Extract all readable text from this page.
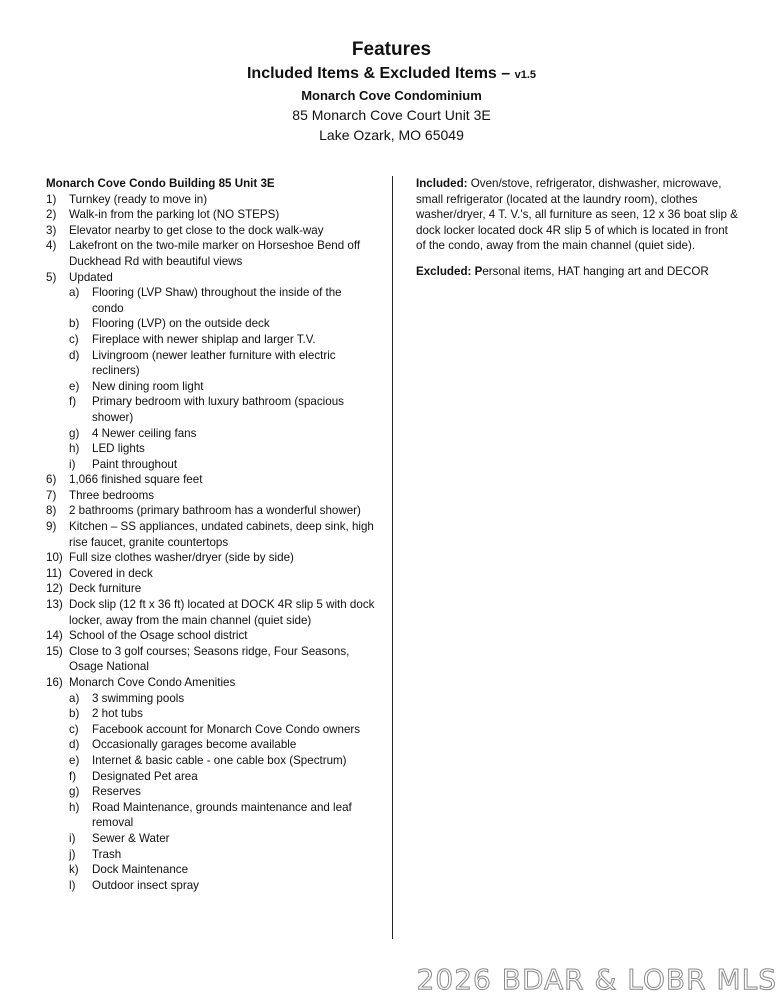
Features
Included Items & Excluded Items – v1.5
Monarch Cove Condominium
85 Monarch Cove Court Unit 3E
Lake Ozark, MO 65049
Monarch Cove Condo Building 85 Unit 3E
1) Turnkey (ready to move in)
2) Walk-in from the parking lot (NO STEPS)
3) Elevator nearby to get close to the dock walk-way
4) Lakefront on the two-mile marker on Horseshoe Bend off Duckhead Rd with beautiful views
5) Updated
a) Flooring (LVP Shaw) throughout the inside of the condo
b) Flooring (LVP) on the outside deck
c) Fireplace with newer shiplap and larger T.V.
d) Livingroom (newer leather furniture with electric recliners)
e) New dining room light
f) Primary bedroom with luxury bathroom (spacious shower)
g) 4 Newer ceiling fans
h) LED lights
i) Paint throughout
6) 1,066 finished square feet
7) Three bedrooms
8) 2 bathrooms (primary bathroom has a wonderful shower)
9) Kitchen – SS appliances, undated cabinets, deep sink, high rise faucet, granite countertops
10) Full size clothes washer/dryer (side by side)
11) Covered in deck
12) Deck furniture
13) Dock slip (12 ft x 36 ft) located at DOCK 4R slip 5 with dock locker, away from the main channel (quiet side)
14) School of the Osage school district
15) Close to 3 golf courses; Seasons ridge, Four Seasons, Osage National
16) Monarch Cove Condo Amenities
a) 3 swimming pools
b) 2 hot tubs
c) Facebook account for Monarch Cove Condo owners
d) Occasionally garages become available
e) Internet & basic cable - one cable box (Spectrum)
f) Designated Pet area
g) Reserves
h) Road Maintenance, grounds maintenance and leaf removal
i) Sewer & Water
j) Trash
k) Dock Maintenance
l) Outdoor insect spray

Included: Oven/stove, refrigerator, dishwasher, microwave, small refrigerator (located at the laundry room), clothes washer/dryer, 4 T. V.'s, all furniture as seen, 12 x 36 boat slip & dock locker located dock 4R slip 5 of which is located in front of the condo, away from the main channel (quiet side).

Excluded: Personal items, HAT hanging art and DECOR

2026 BDAR & LOBR MLS
